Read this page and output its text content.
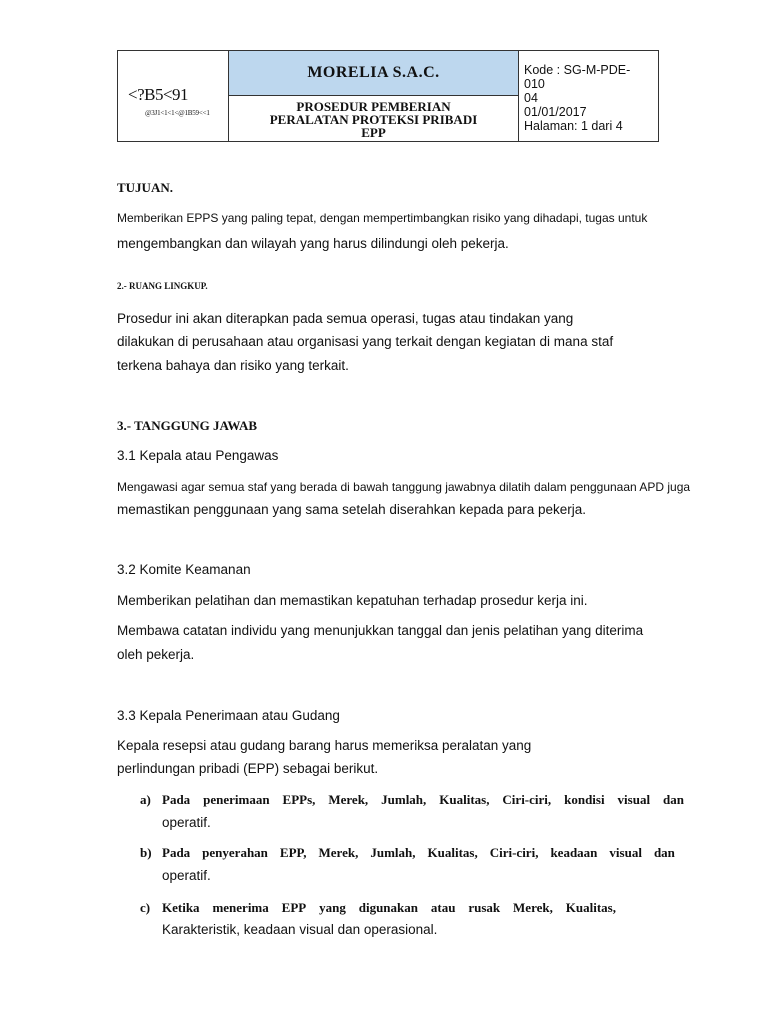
<?B5<91
@3J1<1<1<@1B59<<1
MORELIA S.A.C.
PROSEDUR PEMBERIAN
PERALATAN PROTEKSI PRIBADI
EPP
Kode : SG-M-PDE-
010
04
01/01/2017
Halaman: 1 dari 4
TUJUAN.
Memberikan EPPS yang paling tepat, dengan mempertimbangkan risiko yang dihadapi, tugas untuk
mengembangkan dan wilayah yang harus dilindungi oleh pekerja.
2.- RUANG LINGKUP.
Prosedur ini akan diterapkan pada semua operasi, tugas atau tindakan yang
dilakukan di perusahaan atau organisasi yang terkait dengan kegiatan di mana staf
terkena bahaya dan risiko yang terkait.
3.- TANGGUNG JAWAB
3.1 Kepala atau Pengawas
Mengawasi agar semua staf yang berada di bawah tanggung jawabnya dilatih dalam penggunaan APD juga
memastikan penggunaan yang sama setelah diserahkan kepada para pekerja.
3.2 Komite Keamanan
Memberikan pelatihan dan memastikan kepatuhan terhadap prosedur kerja ini.
Membawa catatan individu yang menunjukkan tanggal dan jenis pelatihan yang diterima
oleh pekerja.
3.3 Kepala Penerimaan atau Gudang
Kepala resepsi atau gudang barang harus memeriksa peralatan yang
perlindungan pribadi (EPP) sebagai berikut.
a) Pada penerimaan EPPs, Merek, Jumlah, Kualitas, Ciri-ciri, kondisi visual dan
operatif.
b) Pada penyerahan EPP, Merek, Jumlah, Kualitas, Ciri-ciri, keadaan visual dan
operatif.
c) Ketika menerima EPP yang digunakan atau rusak Merek, Kualitas,
Karakteristik, keadaan visual dan operasional.
